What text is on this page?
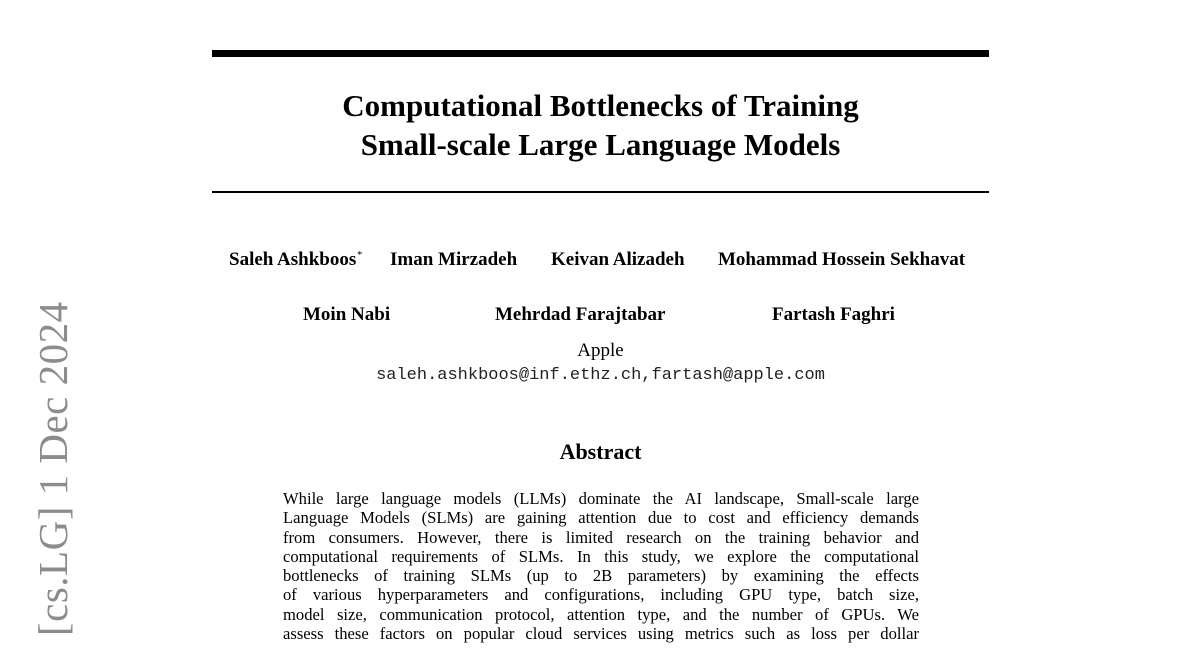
Computational Bottlenecks of Training
Small-scale Large Language Models
Saleh Ashkboos* Iman Mirzadeh Keivan Alizadeh Mohammad Hossein Sekhavat
Moin Nabi	Mehrdad Farajtabar	Fartash Faghri
Apple
saleh.ashkboos@inf.ethz.ch,fartash@apple.com
Abstract
While large language models (LLMs) dominate the AI landscape, Small-scale large
Language Models (SLMs) are gaining attention due to cost and efficiency demands
from consumers. However, there is limited research on the training behavior and
computational requirements of SLMs. In this study, we explore the computational
bottlenecks of training SLMs (up to 2B parameters) by examining the effects
of various hyperparameters and configurations, including GPU type, batch size,
model size, communication protocol, attention type, and the number of GPUs. We
assess these factors on popular cloud services using metrics such as loss per dollar
[cs.LG] 1 Dec 2024
